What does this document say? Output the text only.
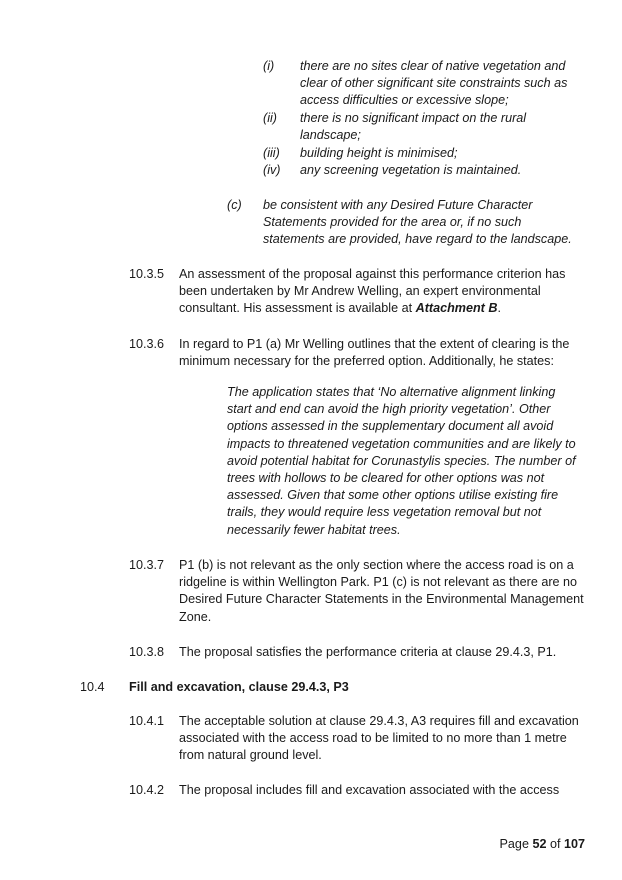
(i) there are no sites clear of native vegetation and
clear of other significant site constraints such as
access difficulties or excessive slope;
(ii) there is no significant impact on the rural
landscape;
(iii) building height is minimised;
(iv) any screening vegetation is maintained.
(c) be consistent with any Desired Future Character
Statements provided for the area or, if no such
statements are provided, have regard to the landscape.
10.3.5 An assessment of the proposal against this performance criterion has
been undertaken by Mr Andrew Welling, an expert environmental
consultant. His assessment is available at Attachment B.
10.3.6 In regard to P1 (a) Mr Welling outlines that the extent of clearing is the
minimum necessary for the preferred option. Additionally, he states:
The application states that ‘No alternative alignment linking
start and end can avoid the high priority vegetation’. Other
options assessed in the supplementary document all avoid
impacts to threatened vegetation communities and are likely to
avoid potential habitat for Corunastylis species. The number of
trees with hollows to be cleared for other options was not
assessed. Given that some other options utilise existing fire
trails, they would require less vegetation removal but not
necessarily fewer habitat trees.
10.3.7 P1 (b) is not relevant as the only section where the access road is on a
ridgeline is within Wellington Park. P1 (c) is not relevant as there are no
Desired Future Character Statements in the Environmental Management
Zone.
10.3.8 The proposal satisfies the performance criteria at clause 29.4.3, P1.
10.4 Fill and excavation, clause 29.4.3, P3
10.4.1 The acceptable solution at clause 29.4.3, A3 requires fill and excavation
associated with the access road to be limited to no more than 1 metre
from natural ground level.
10.4.2 The proposal includes fill and excavation associated with the access
Page 52 of 107
